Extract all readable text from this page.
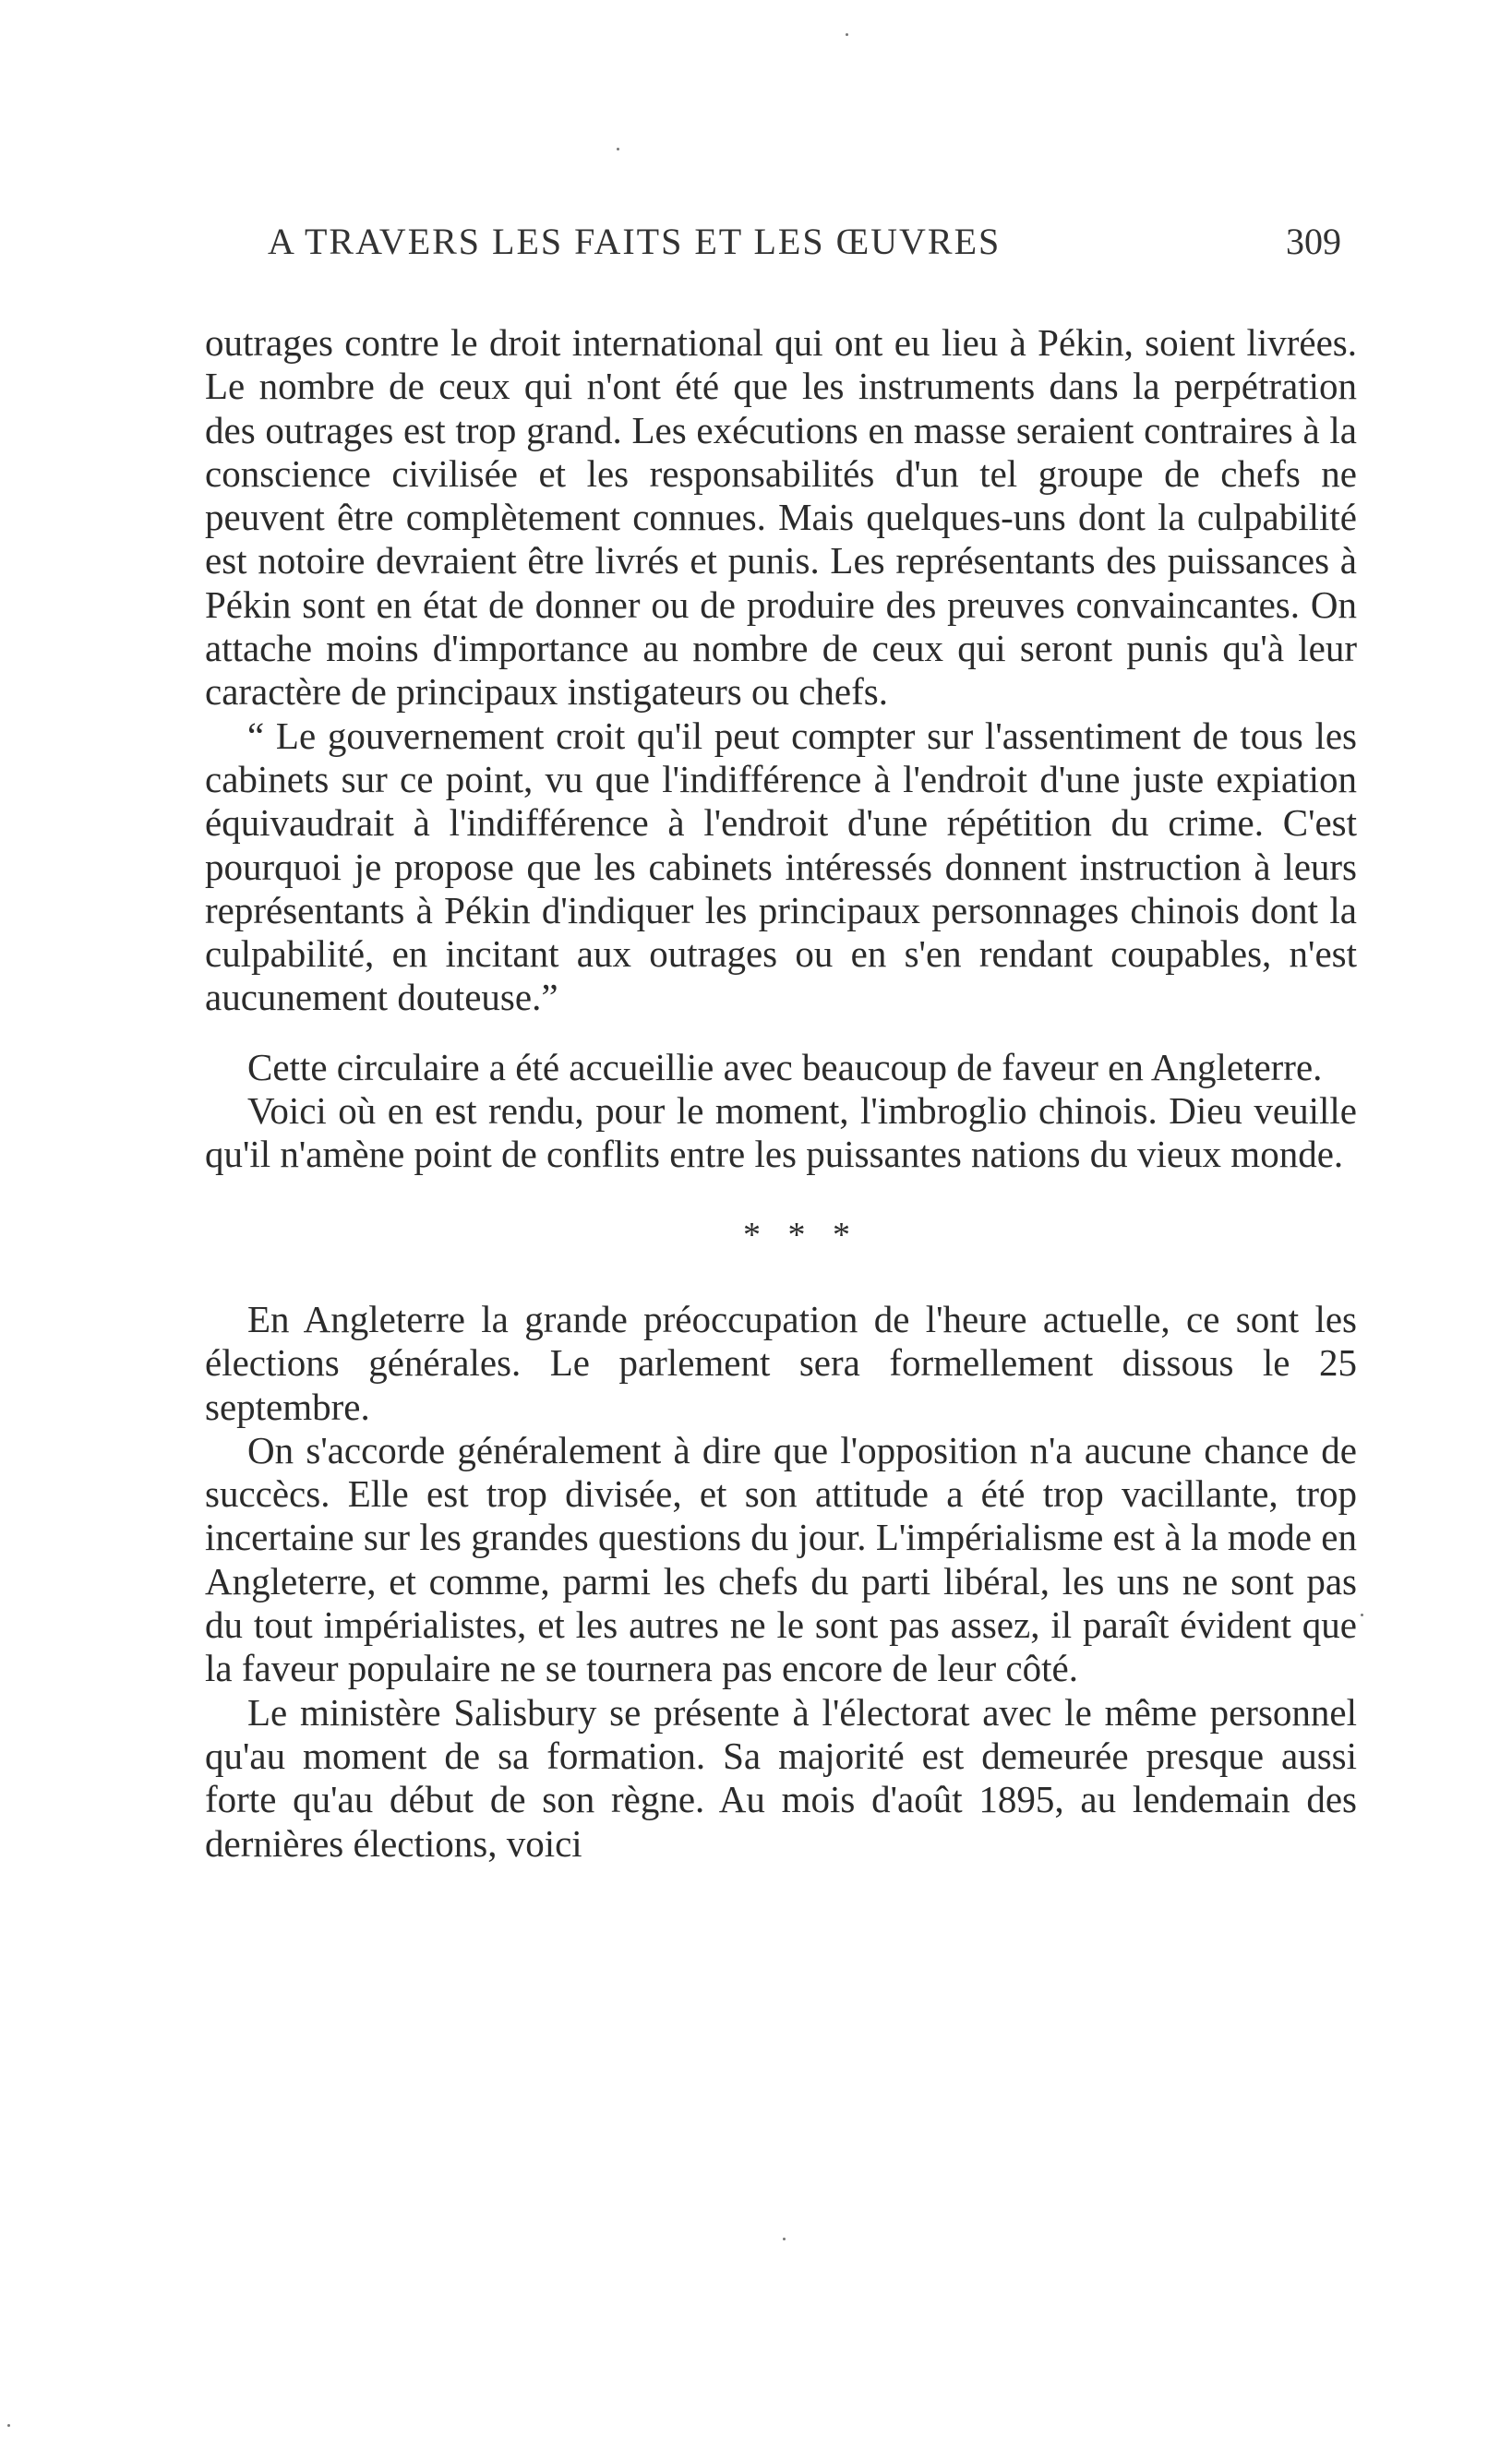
A TRAVERS LES FAITS ET LES ŒUVRES	309

outrages contre le droit international qui ont eu lieu à Pékin, soient livrées. Le nombre de ceux qui n'ont été que les instruments dans la perpétration des outrages est trop grand. Les exécutions en masse seraient contraires à la conscience civilisée et les responsabilités d'un tel groupe de chefs ne peuvent être complètement connues. Mais quelques-uns dont la culpabilité est notoire devraient être livrés et punis. Les représentants des puissances à Pékin sont en état de donner ou de produire des preuves convaincantes. On attache moins d'importance au nombre de ceux qui seront punis qu'à leur caractère de principaux instigateurs ou chefs.

“ Le gouvernement croit qu'il peut compter sur l'assentiment de tous les cabinets sur ce point, vu que l'indifférence à l'endroit d'une juste expiation équivaudrait à l'indifférence à l'endroit d'une répétition du crime. C'est pourquoi je propose que les cabinets intéressés donnent instruction à leurs représentants à Pékin d'indiquer les principaux personnages chinois dont la culpabilité, en incitant aux outrages ou en s'en rendant coupables, n'est aucunement douteuse.”

Cette circulaire a été accueillie avec beaucoup de faveur en Angleterre.

Voici où en est rendu, pour le moment, l'imbroglio chinois. Dieu veuille qu'il n'amène point de conflits entre les puissantes nations du vieux monde.

* * *

En Angleterre la grande préoccupation de l'heure actuelle, ce sont les élections générales. Le parlement sera formellement dissous le 25 septembre.

On s'accorde généralement à dire que l'opposition n'a aucune chance de succècs. Elle est trop divisée, et son attitude a été trop vacillante, trop incertaine sur les grandes questions du jour. L'impérialisme est à la mode en Angleterre, et comme, parmi les chefs du parti libéral, les uns ne sont pas du tout impérialistes, et les autres ne le sont pas assez, il paraît évident que la faveur populaire ne se tournera pas encore de leur côté.

Le ministère Salisbury se présente à l'électorat avec le même personnel qu'au moment de sa formation. Sa majorité est demeurée presque aussi forte qu'au début de son règne. Au mois d'août 1895, au lendemain des dernières élections, voici
